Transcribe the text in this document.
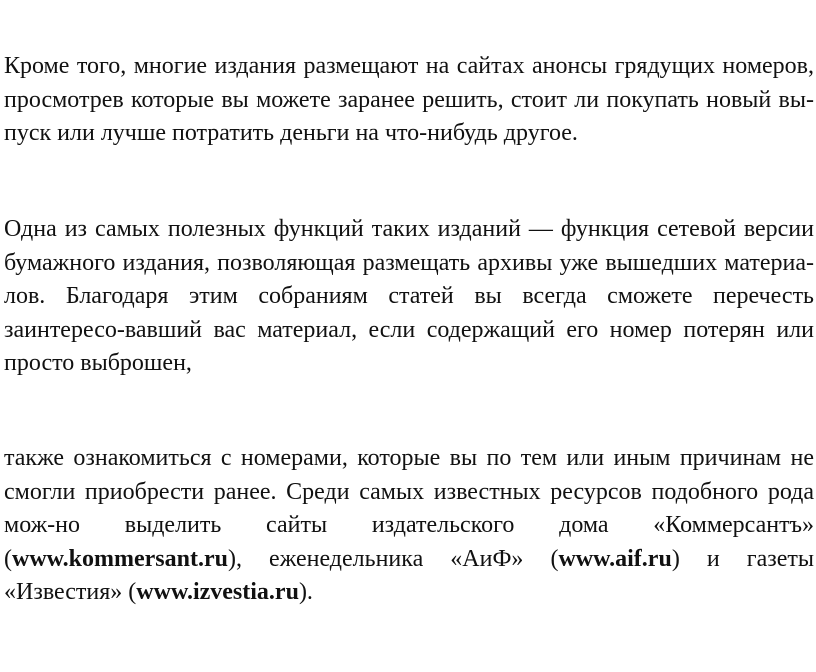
Кроме того, многие издания размещают на сайтах анонсы грядущих номеров,
просмотрев которые вы можете заранее решить, стоит ли покупать новый вы-
пуск или лучше потратить деньги на что-нибудь другое.
Одна из самых полезных функций таких изданий — функция сетевой версии
бумажного издания, позволяющая размещать архивы уже вышедших материа-
лов. Благодаря этим собраниям статей вы всегда сможете перечесть
заинтересо-вавший вас материал, если содержащий его номер потерян или
просто выброшен,
также ознакомиться с номерами, которые вы по тем или иным причинам не
смогли приобрести ранее. Среди самых известных ресурсов подобного рода
мож-но выделить сайты издательского дома «Коммерсантъ»
(www.kommersant.ru), еженедельника «АиФ» (www.aif.ru) и газеты
«Известия» (www.izvestia.ru).
